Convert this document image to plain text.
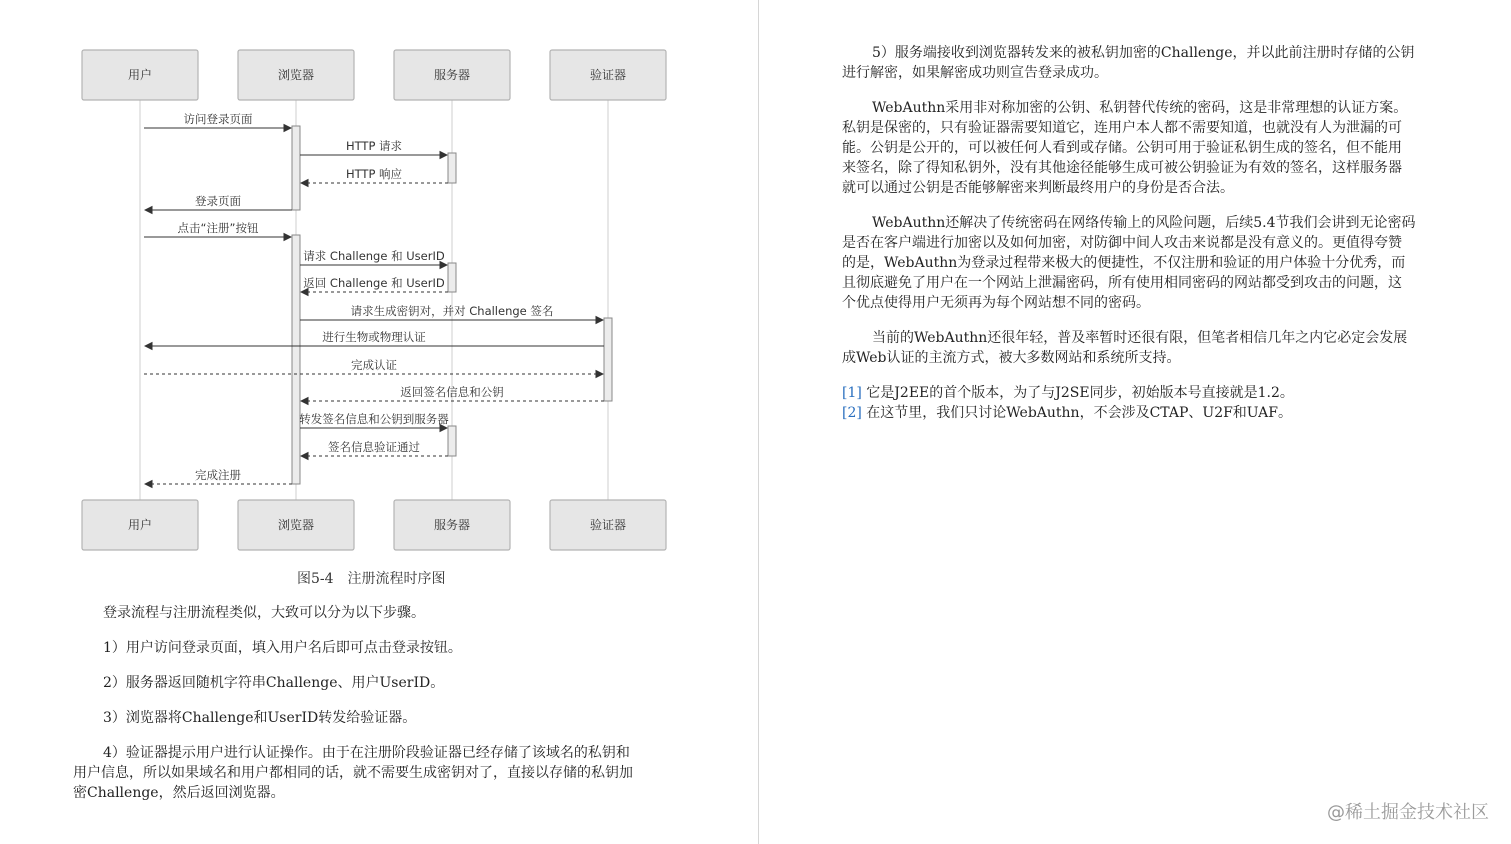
用户	浏览器	服务器	验证器
用户	浏览器	服务器	验证器
访问登录页面
HTTP 请求
HTTP 响应
登录页面
点击“注册”按钮
请求 Challenge 和 UserID
返回 Challenge 和 UserID
请求生成密钥对，并对 Challenge 签名
进行生物或物理认证
完成认证
返回签名信息和公钥
转发签名信息和公钥到服务器
签名信息验证通过
完成注册
图5-4　注册流程时序图

登录流程与注册流程类似，大致可以分为以下步骤。

1）用户访问登录页面，填入用户名后即可点击登录按钮。

2）服务器返回随机字符串Challenge、用户UserID。

3）浏览器将Challenge和UserID转发给验证器。

4）验证器提示用户进行认证操作。由于在注册阶段验证器已经存储了该域名的私钥和

用户信息，所以如果域名和用户都相同的话，就不需要生成密钥对了，直接以存储的私钥加

密Challenge，然后返回浏览器。

5）服务端接收到浏览器转发来的被私钥加密的Challenge，并以此前注册时存储的公钥

进行解密，如果解密成功则宣告登录成功。

WebAuthn采用非对称加密的公钥、私钥替代传统的密码，这是非常理想的认证方案。

私钥是保密的，只有验证器需要知道它，连用户本人都不需要知道，也就没有人为泄漏的可

能。公钥是公开的，可以被任何人看到或存储。公钥可用于验证私钥生成的签名，但不能用

来签名，除了得知私钥外，没有其他途径能够生成可被公钥验证为有效的签名，这样服务器

就可以通过公钥是否能够解密来判断最终用户的身份是否合法。

WebAuthn还解决了传统密码在网络传输上的风险问题，后续5.4节我们会讲到无论密码

是否在客户端进行加密以及如何加密，对防御中间人攻击来说都是没有意义的。更值得夸赞

的是，WebAuthn为登录过程带来极大的便捷性，不仅注册和验证的用户体验十分优秀，而

且彻底避免了用户在一个网站上泄漏密码，所有使用相同密码的网站都受到攻击的问题，这

个优点使得用户无须再为每个网站想不同的密码。

当前的WebAuthn还很年轻，普及率暂时还很有限，但笔者相信几年之内它必定会发展

成Web认证的主流方式，被大多数网站和系统所支持。

[1] 它是J2EE的首个版本，为了与J2SE同步，初始版本号直接就是1.2。
[2] 在这节里，我们只讨论WebAuthn，不会涉及CTAP、U2F和UAF。
@稀土掘金技术社区
